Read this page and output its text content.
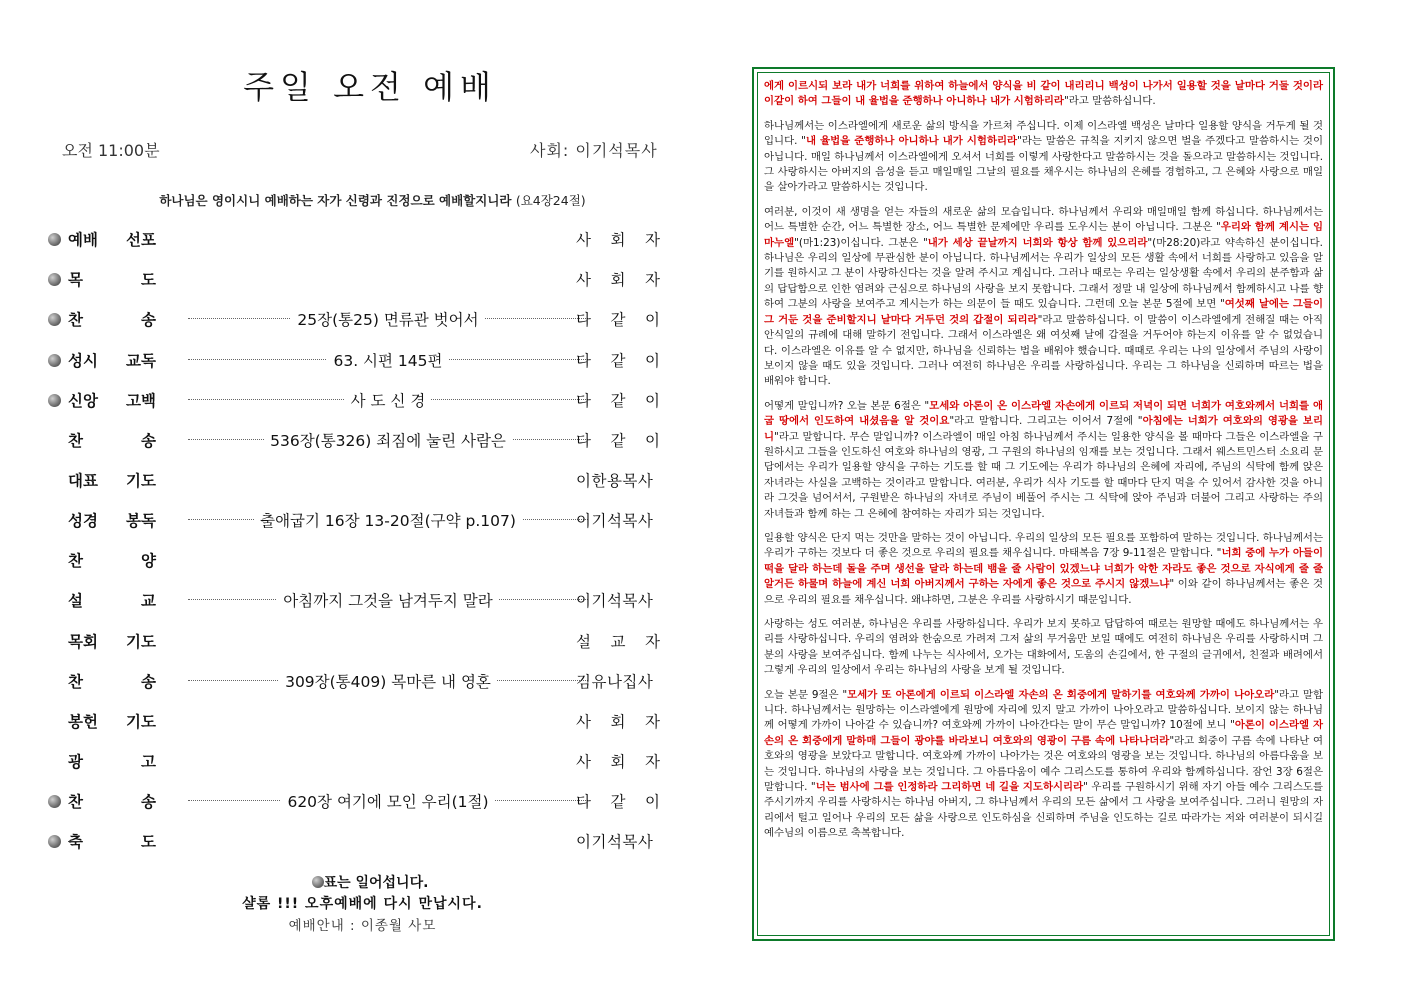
주일 오전 예배
오전 11:00분	사회: 이기석목사
하나님은 영이시니 예배하는 자가 신령과 진정으로 예배할지니라 (요4장24절)
예배 선포	사 회 자
목	도	사 회 자
찬	송	25장(통25) 면류관 벗어서	다 같 이
성시 교독	63. 시편 145편	다 같 이
신앙 고백	사 도 신 경	다 같 이
찬	송	536장(통326) 죄짐에 눌린 사람은	다 같 이
대표 기도	이한용목사
성경 봉독	출애굽기 16장 13-20절(구약 p.107)	이기석목사
찬	양
설	교	아침까지 그것을 남겨두지 말라	이기석목사
목회 기도	설 교 자
찬	송	309장(통409) 목마른 내 영혼	김유나집사
봉헌 기도	사 회 자
광	고	사 회 자
찬	송	620장 여기에 모인 우리(1절)	다 같 이
축	도	이기석목사
표는 일어섭니다.
샬롬 !!! 오후예배에 다시 만납시다.
예배안내 : 이종월 사모

에게 이르시되 보라 내가 너희를 위하여 하늘에서 양식을 비 같이 내리리니 백성이 나가서 일용할 것을 날마다 거둘 것이라 이같이 하여 그들이 내 율법을 준행하나 아니하나 내가 시험하리라"라고 말씀하십니다.

하나님께서는 이스라엘에게 새로운 삶의 방식을 가르쳐 주십니다. 이제 이스라엘 백성은 날마다 일용할 양식을 거두게 될 것입니다. "내 율법을 준행하나 아니하나 내가 시험하리라"라는 말씀은 규칙을 지키지 않으면 벌을 주겠다고 말씀하시는 것이 아닙니다. 매일 하나님께서 이스라엘에게 오셔서 너희를 이렇게 사랑한다고 말씀하시는 것을 돌으라고 말씀하시는 것입니다. 그 사랑하시는 아버지의 음성을 듣고 매일매일 그날의 필요를 채우시는 하나님의 은혜를 경험하고, 그 은혜와 사랑으로 매일을 살아가라고 말씀하시는 것입니다.

여러분, 이것이 새 생명을 얻는 자들의 새로운 삶의 모습입니다. 하나님께서 우리와 매일매일 함께 하십니다. 하나님께서는 어느 특별한 순간, 어느 특별한 장소, 어느 특별한 문제에만 우리를 도우시는 분이 아닙니다. 그분은 "우리와 함께 계시는 임마누엘"(마1:23)이십니다. 그분은 "내가 세상 끝날까지 너희와 항상 함께 있으리라"(마28:20)라고 약속하신 분이십니다. 하나님은 우리의 일상에 무관심한 분이 아닙니다. 하나님께서는 우리가 일상의 모든 생활 속에서 너희를 사랑하고 있음을 알기를 원하시고 그 분이 사랑하신다는 것을 알려 주시고 계십니다. 그러나 때로는 우리는 일상생활 속에서 우리의 분주함과 삶의 답답함으로 인한 염려와 근심으로 하나님의 사랑을 보지 못합니다. 그래서 정말 내 일상에 하나님께서 함께하시고 나를 향하여 그분의 사랑을 보여주고 계시는가 하는 의문이 들 때도 있습니다. 그런데 오늘 본문 5절에 보면 "여섯째 날에는 그들이 그 거둔 것을 준비할지니 날마다 거두던 것의 갑절이 되리라"라고 말씀하십니다. 이 말씀이 이스라엘에게 전해질 때는 아직 안식일의 규례에 대해 말하기 전입니다. 그래서 이스라엘은 왜 여섯째 날에 갑절을 거두어야 하는지 이유를 알 수 없었습니다. 이스라엘은 이유를 알 수 없지만, 하나님을 신뢰하는 법을 배워야 했습니다. 때때로 우리는 나의 일상에서 주님의 사랑이 보이지 않을 때도 있을 것입니다. 그러나 여전히 하나님은 우리를 사랑하십니다. 우리는 그 하나님을 신뢰하며 따르는 법을 배워야 합니다.

어떻게 말입니까? 오늘 본문 6절은 "모세와 아론이 온 이스라엘 자손에게 이르되 저녁이 되면 너희가 여호와께서 너희를 애굽 땅에서 인도하여 내셨음을 알 것이요"라고 말합니다. 그리고는 이어서 7절에 "아침에는 너희가 여호와의 영광을 보리니"라고 말합니다. 무슨 말입니까? 이스라엘이 매일 아침 하나님께서 주시는 일용한 양식을 볼 때마다 그들은 이스라엘을 구원하시고 그들을 인도하신 여호와 하나님의 영광, 그 구원의 하나님의 임재를 보는 것입니다. 그래서 웨스트민스터 소요리 문답에서는 우리가 일용할 양식을 구하는 기도를 할 때 그 기도에는 우리가 하나님의 은혜에 자리에, 주님의 식탁에 함께 앉은 자녀라는 사실을 고백하는 것이라고 말합니다. 여러분, 우리가 식사 기도를 할 때마다 단지 먹을 수 있어서 감사한 것을 아니라 그것을 넘어서서, 구원받은 하나님의 자녀로 주님이 베풀어 주시는 그 식탁에 앉아 주님과 더불어 그리고 사랑하는 주의 자녀들과 함께 하는 그 은혜에 참여하는 자리가 되는 것입니다.

일용할 양식은 단지 먹는 것만을 말하는 것이 아닙니다. 우리의 일상의 모든 필요를 포함하여 말하는 것입니다. 하나님께서는 우리가 구하는 것보다 더 좋은 것으로 우리의 필요를 채우십니다. 마태복음 7장 9-11절은 말합니다. "너희 중에 누가 아들이 떡을 달라 하는데 돌을 주며 생선을 달라 하는데 뱀을 줄 사람이 있겠느냐 너희가 악한 자라도 좋은 것으로 자식에게 줄 줄 알거든 하물며 하늘에 계신 너희 아버지께서 구하는 자에게 좋은 것으로 주시지 않겠느냐" 이와 같이 하나님께서는 좋은 것으로 우리의 필요를 채우십니다. 왜냐하면, 그분은 우리를 사랑하시기 때문입니다.

사랑하는 성도 여러분, 하나님은 우리를 사랑하십니다. 우리가 보지 못하고 답답하여 때로는 원망할 때에도 하나님께서는 우리를 사랑하십니다. 우리의 염려와 한숨으로 가려져 그저 삶의 무거움만 보일 때에도 여전히 하나님은 우리를 사랑하시며 그분의 사랑을 보여주십니다. 함께 나누는 식사에서, 오가는 대화에서, 도움의 손길에서, 한 구절의 글귀에서, 친절과 배려에서 그렇게 우리의 일상에서 우리는 하나님의 사랑을 보게 될 것입니다.

오늘 본문 9절은 "모세가 또 아론에게 이르되 이스라엘 자손의 온 회중에게 말하기를 여호와께 가까이 나아오라"라고 말합니다. 하나님께서는 원망하는 이스라엘에게 원망에 자리에 있지 말고 가까이 나아오라고 말씀하십니다. 보이지 않는 하나님께 어떻게 가까이 나아갈 수 있습니까? 여호와께 가까이 나아간다는 말이 무슨 말입니까? 10절에 보니 "아론이 이스라엘 자손의 온 회중에게 말하매 그들이 광야를 바라보니 여호와의 영광이 구름 속에 나타나더라"라고 회중이 구름 속에 나타난 여호와의 영광을 보았다고 말합니다. 여호와께 가까이 나아가는 것은 여호와의 영광을 보는 것입니다. 하나님의 아름다움을 보는 것입니다. 하나님의 사랑을 보는 것입니다. 그 아름다움이 예수 그리스도를 통하여 우리와 함께하십니다. 잠언 3장 6절은 말합니다. "너는 범사에 그를 인정하라 그리하면 네 길을 지도하시리라" 우리를 구원하시기 위해 자기 아들 예수 그리스도를 주시기까지 우리를 사랑하시는 하나님 아버지, 그 하나님께서 우리의 모든 삶에서 그 사랑을 보여주십니다. 그러니 원망의 자리에서 털고 일어나 우리의 모든 삶을 사랑으로 인도하심을 신뢰하며 주님을 인도하는 길로 따라가는 저와 여러분이 되시길 예수님의 이름으로 축복합니다.
